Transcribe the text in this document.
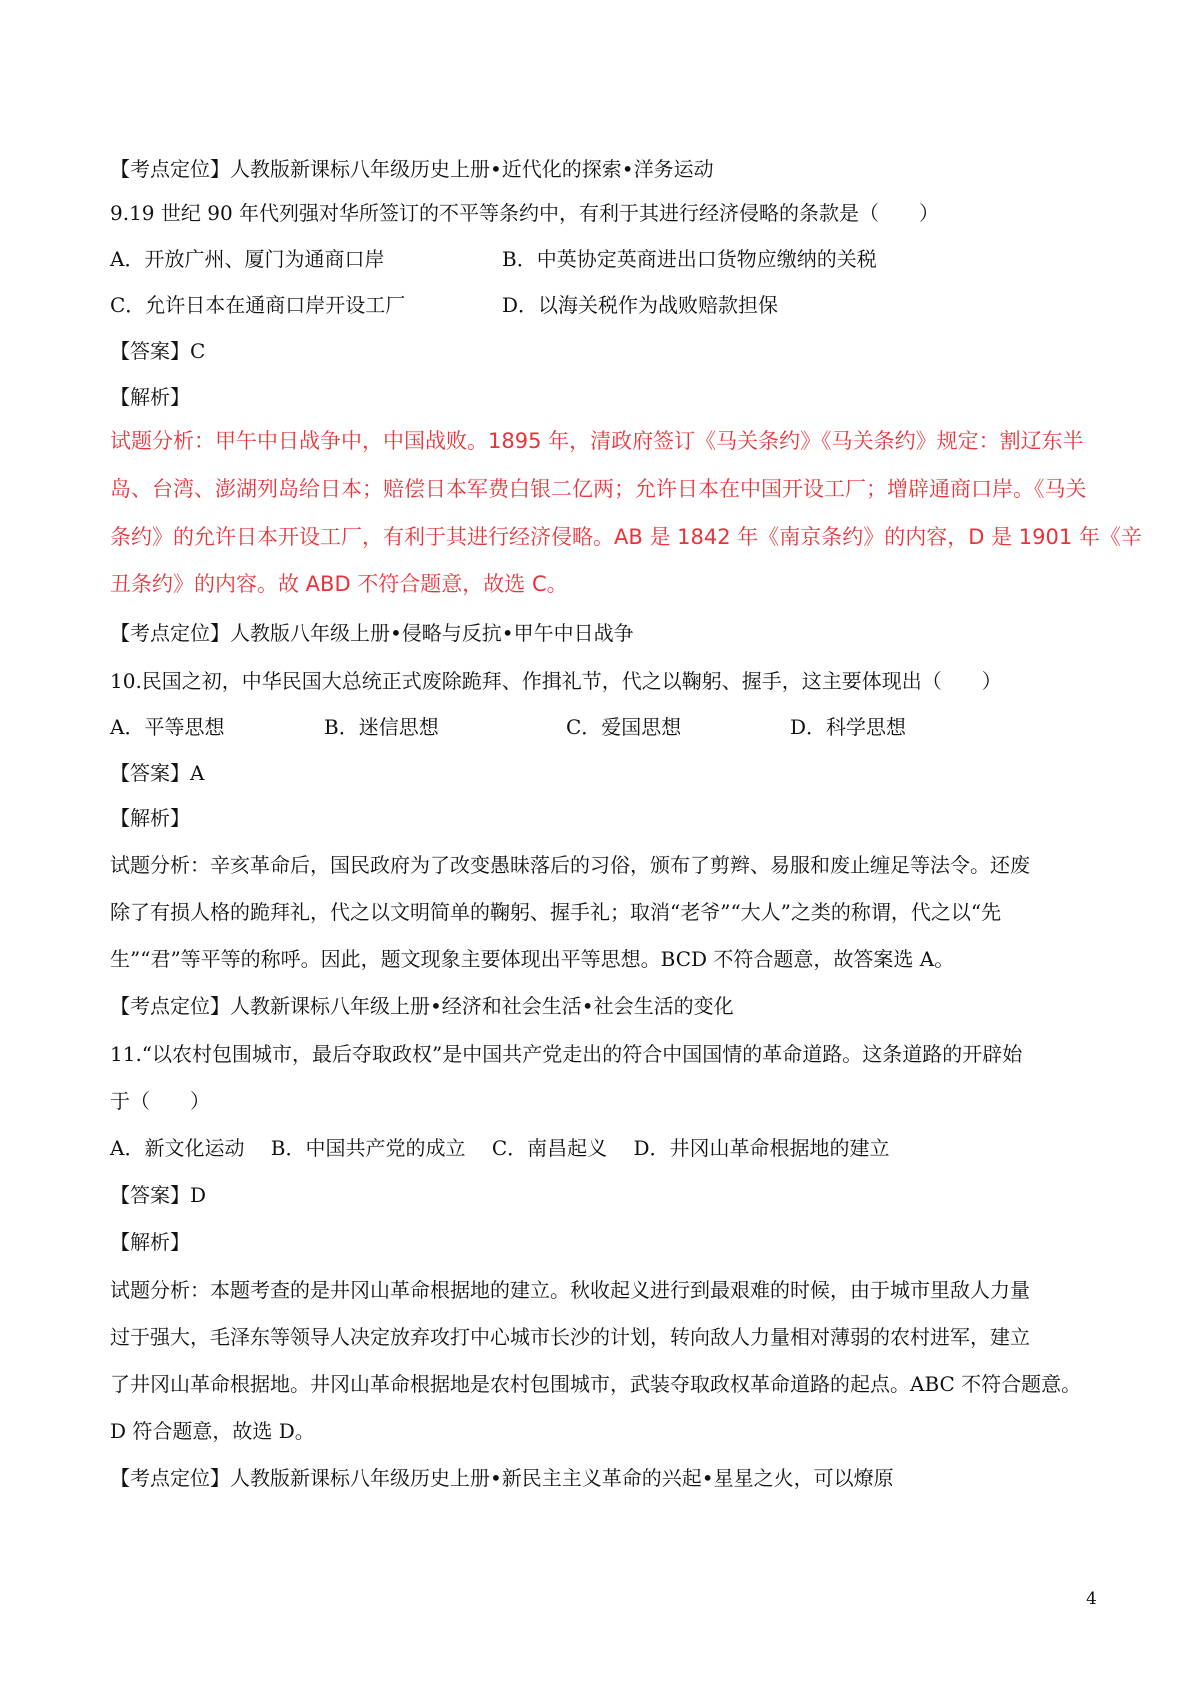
【考点定位】人教版新课标八年级历史上册•近代化的探索•洋务运动
9.19 世纪 90 年代列强对华所签订的不平等条约中，有利于其进行经济侵略的条款是（　　）
A．开放广州、厦门为通商口岸	B．中英协定英商进出口货物应缴纳的关税
C．允许日本在通商口岸开设工厂	D．以海关税作为战败赔款担保
【答案】C
【解析】
试题分析：甲午中日战争中，中国战败。1895 年，清政府签订《马关条约》《马关条约》规定：割辽东半
岛、台湾、澎湖列岛给日本；赔偿日本军费白银二亿两；允许日本在中国开设工厂；增辟通商口岸。《马关
条约》的允许日本开设工厂，有利于其进行经济侵略。AB 是 1842 年《南京条约》的内容，D 是 1901 年《辛
丑条约》的内容。故 ABD 不符合题意，故选 C。
【考点定位】人教版八年级上册•侵略与反抗•甲午中日战争
10.民国之初，中华民国大总统正式废除跪拜、作揖礼节，代之以鞠躬、握手，这主要体现出（　　）
A．平等思想	B．迷信思想	C．爱国思想	D．科学思想
【答案】A
【解析】
试题分析：辛亥革命后，国民政府为了改变愚昧落后的习俗，颁布了剪辫、易服和废止缠足等法令。还废
除了有损人格的跪拜礼，代之以文明简单的鞠躬、握手礼；取消“老爷”“大人”之类的称谓，代之以“先
生”“君”等平等的称呼。因此，题文现象主要体现出平等思想。BCD 不符合题意，故答案选 A。
【考点定位】人教新课标八年级上册•经济和社会生活•社会生活的变化
11.“以农村包围城市，最后夺取政权”是中国共产党走出的符合中国国情的革命道路。这条道路的开辟始
于（　　）
A．新文化运动　 B．中国共产党的成立　 C．南昌起义　 D．井冈山革命根据地的建立
【答案】D
【解析】
试题分析：本题考查的是井冈山革命根据地的建立。秋收起义进行到最艰难的时候，由于城市里敌人力量
过于强大，毛泽东等领导人决定放弃攻打中心城市长沙的计划，转向敌人力量相对薄弱的农村进军，建立
了井冈山革命根据地。井冈山革命根据地是农村包围城市，武装夺取政权革命道路的起点。ABC 不符合题意。
D 符合题意，故选 D。
【考点定位】人教版新课标八年级历史上册•新民主主义革命的兴起•星星之火，可以燎原
4
